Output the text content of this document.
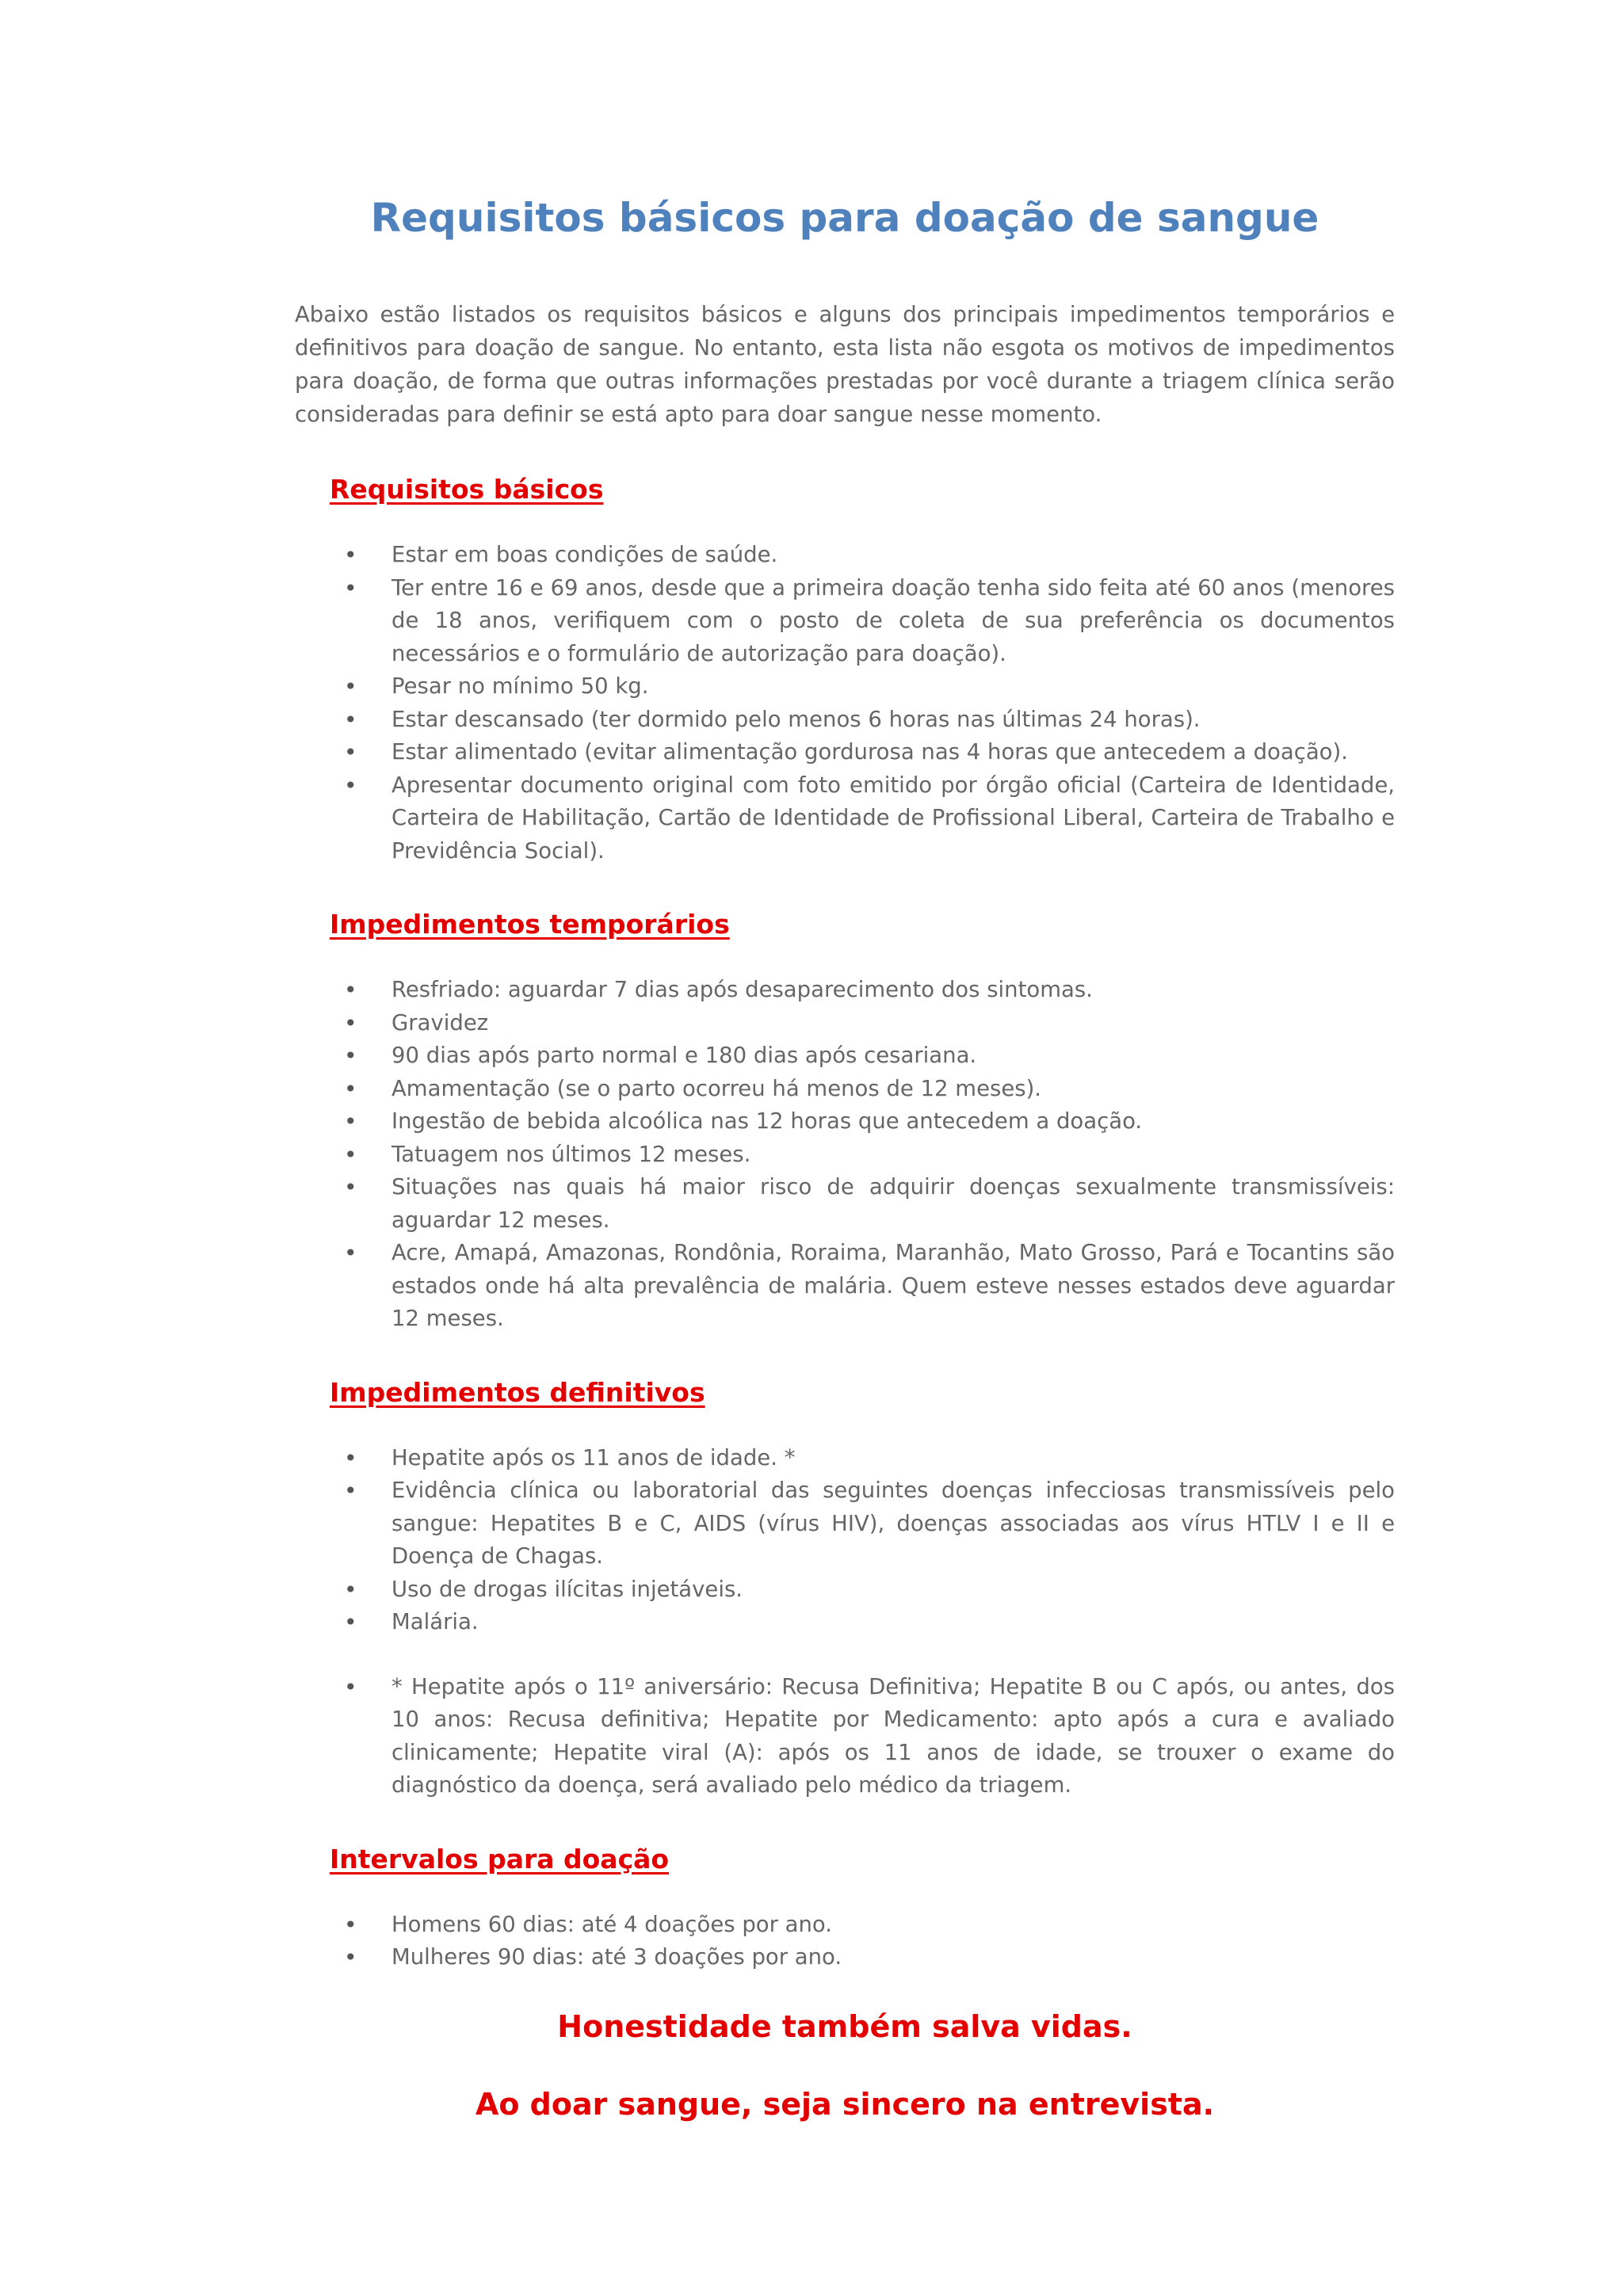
Requisitos básicos para doação de sangue

Abaixo estão listados os requisitos básicos e alguns dos principais impedimentos temporários e definitivos para doação de sangue. No entanto, esta lista não esgota os motivos de impedimentos para doação, de forma que outras informações prestadas por você durante a triagem clínica serão consideradas para definir se está apto para doar sangue nesse momento.

Requisitos básicos
• Estar em boas condições de saúde.
• Ter entre 16 e 69 anos, desde que a primeira doação tenha sido feita até 60 anos (menores de 18 anos, verifiquem com o posto de coleta de sua preferência os documentos necessários e o formulário de autorização para doação).
• Pesar no mínimo 50 kg.
• Estar descansado (ter dormido pelo menos 6 horas nas últimas 24 horas).
• Estar alimentado (evitar alimentação gordurosa nas 4 horas que antecedem a doação).
• Apresentar documento original com foto emitido por órgão oficial (Carteira de Identidade, Carteira de Habilitação, Cartão de Identidade de Profissional Liberal, Carteira de Trabalho e Previdência Social).
Impedimentos temporários
• Resfriado: aguardar 7 dias após desaparecimento dos sintomas.
• Gravidez
• 90 dias após parto normal e 180 dias após cesariana.
• Amamentação (se o parto ocorreu há menos de 12 meses).
• Ingestão de bebida alcoólica nas 12 horas que antecedem a doação.
• Tatuagem nos últimos 12 meses.
• Situações nas quais há maior risco de adquirir doenças sexualmente transmissíveis: aguardar 12 meses.
• Acre, Amapá, Amazonas, Rondônia, Roraima, Maranhão, Mato Grosso, Pará e Tocantins são estados onde há alta prevalência de malária. Quem esteve nesses estados deve aguardar 12 meses.
Impedimentos definitivos
• Hepatite após os 11 anos de idade. *
• Evidência clínica ou laboratorial das seguintes doenças infecciosas transmissíveis pelo sangue: Hepatites B e C, AIDS (vírus HIV), doenças associadas aos vírus HTLV I e II e Doença de Chagas.
• Uso de drogas ilícitas injetáveis.
• Malária.
• * Hepatite após o 11º aniversário: Recusa Definitiva; Hepatite B ou C após, ou antes, dos 10 anos: Recusa definitiva; Hepatite por Medicamento: apto após a cura e avaliado clinicamente; Hepatite viral (A): após os 11 anos de idade, se trouxer o exame do diagnóstico da doença, será avaliado pelo médico da triagem.
Intervalos para doação
• Homens 60 dias: até 4 doações por ano.
• Mulheres 90 dias: até 3 doações por ano.

Honestidade também salva vidas.

Ao doar sangue, seja sincero na entrevista.
